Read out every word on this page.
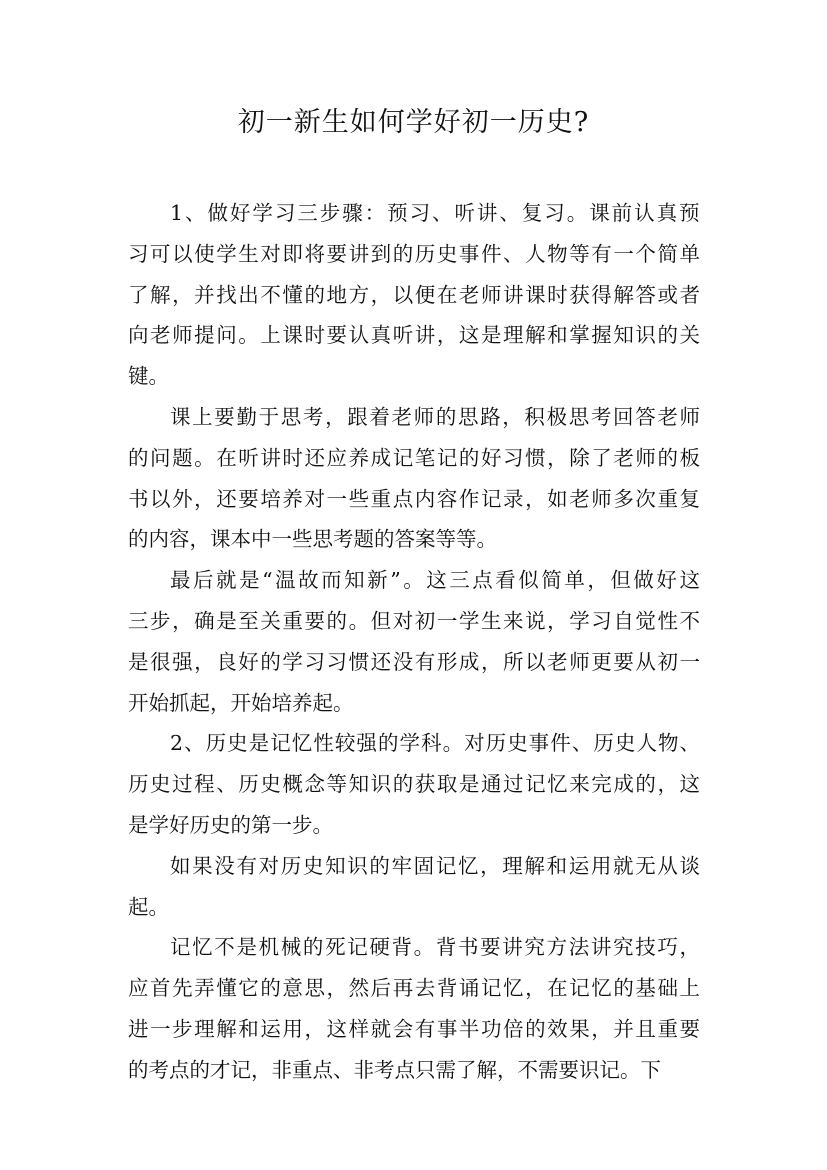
初一新生如何学好初一历史?
1、做好学习三步骤：预习、听讲、复习。课前认真预
习可以使学生对即将要讲到的历史事件、人物等有一个简单
了解，并找出不懂的地方，以便在老师讲课时获得解答或者
向老师提问。上课时要认真听讲，这是理解和掌握知识的关
键。
课上要勤于思考，跟着老师的思路，积极思考回答老师
的问题。在听讲时还应养成记笔记的好习惯，除了老师的板
书以外，还要培养对一些重点内容作记录，如老师多次重复
的内容，课本中一些思考题的答案等等。
最后就是“温故而知新”。这三点看似简单，但做好这
三步，确是至关重要的。但对初一学生来说，学习自觉性不
是很强，良好的学习习惯还没有形成，所以老师更要从初一
开始抓起，开始培养起。
2、历史是记忆性较强的学科。对历史事件、历史人物、
历史过程、历史概念等知识的获取是通过记忆来完成的，这
是学好历史的第一步。
如果没有对历史知识的牢固记忆，理解和运用就无从谈
起。
记忆不是机械的死记硬背。背书要讲究方法讲究技巧，
应首先弄懂它的意思，然后再去背诵记忆，在记忆的基础上
进一步理解和运用，这样就会有事半功倍的效果，并且重要
的考点的才记，非重点、非考点只需了解，不需要识记。下
